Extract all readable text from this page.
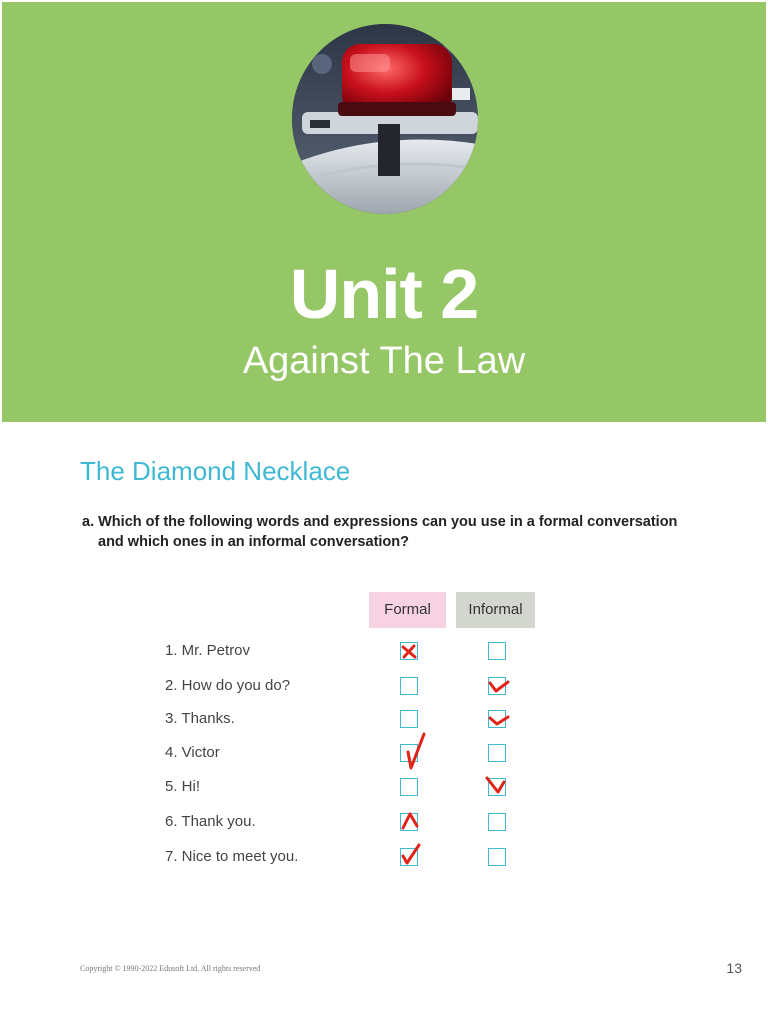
Unit 2
Against The Law
The Diamond Necklace
a. Which of the following words and expressions can you use in a formal conversation
and which ones in an informal conversation?
Formal	Informal
1. Mr. Petrov
2. How do you do?
3. Thanks.
4. Victor
5. Hi!
6. Thank you.
7. Nice to meet you.
Copyright © 1990-2022 Edusoft Ltd. All rights reserved	13
